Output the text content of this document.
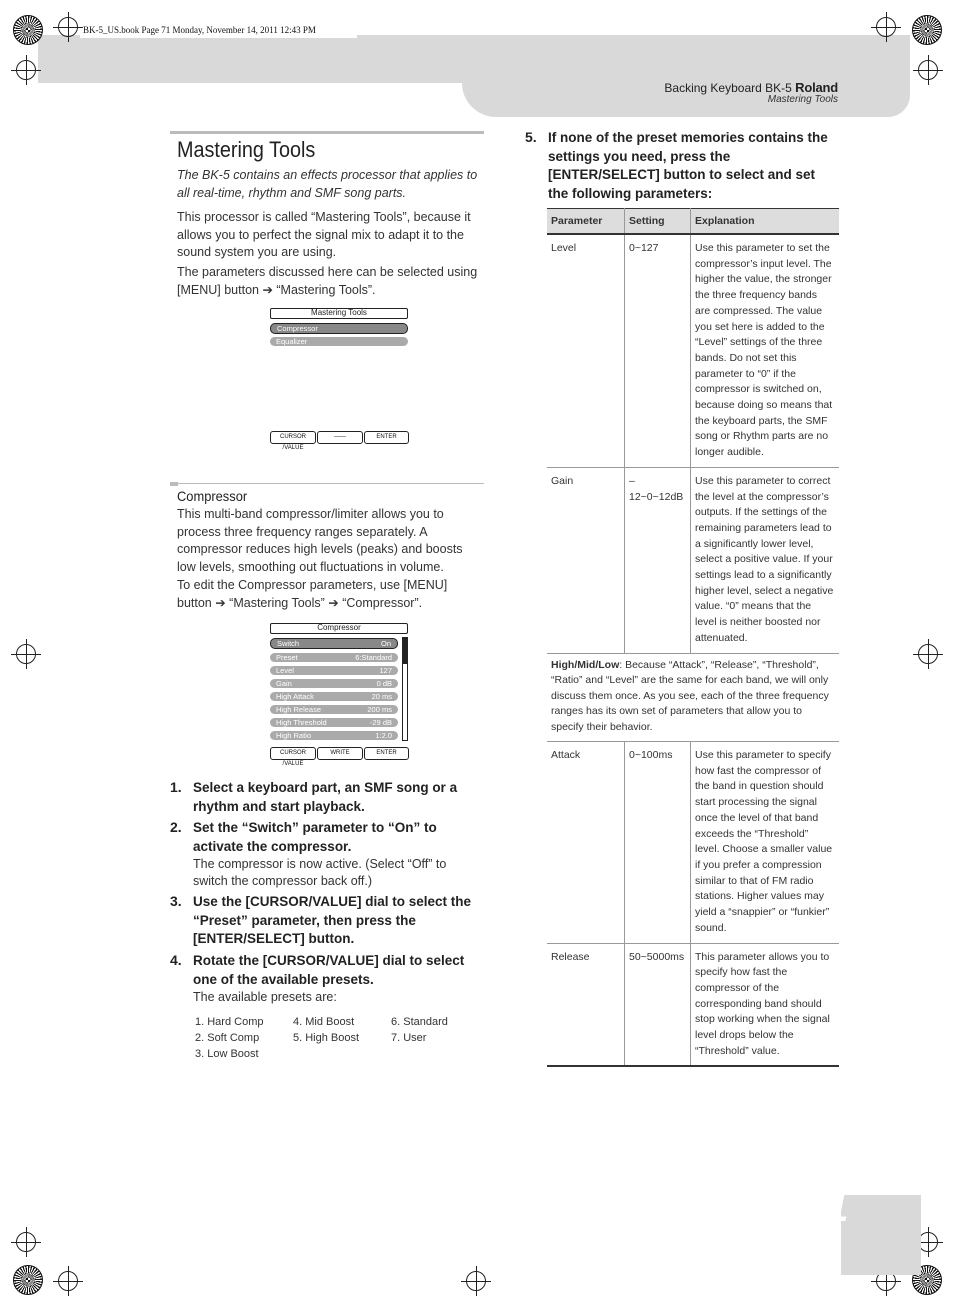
BK-5_US.book Page 71 Monday, November 14, 2011 12:43 PM
Backing Keyboard BK-5 Roland
Mastering Tools
71
Mastering Tools
The BK-5 contains an effects processor that applies to all real-time, rhythm and SMF song parts.
This processor is called “Mastering Tools”, because it allows you to perfect the signal mix to adapt it to the sound system you are using.
The parameters discussed here can be selected using [MENU] button ➔ “Mastering Tools”.
Mastering Tools
Compressor
Equalizer
CURSOR /VALUE
——	ENTER
Compressor
This multi-band compressor/limiter allows you to process three frequency ranges separately. A compressor reduces high levels (peaks) and boosts low levels, smoothing out fluctuations in volume.
To edit the Compressor parameters, use [MENU] button ➔ “Mastering Tools” ➔ “Compressor”.
Compressor
Switch	On
Preset	6:Standard
Level	127
Gain	0 dB
High Attack	20 ms
High Release	200 ms
High Threshold	-29 dB
High Ratio	1:2.0
CURSOR /VALUE
WRITE	ENTER
1. Select a keyboard part, an SMF song or a rhythm and start playback.
2. Set the “Switch” parameter to “On” to activate the compressor.
The compressor is now active. (Select “Off” to switch the compressor back off.)
3. Use the [CURSOR/VALUE] dial to select the “Preset” parameter, then press the [ENTER/SELECT] button.
4. Rotate the [CURSOR/VALUE] dial to select one of the available presets.
The available presets are:
1. Hard Comp
2. Soft Comp
3. Low Boost
4. Mid Boost
5. High Boost
6. Standard
7. User
5. If none of the preset memories contains the settings you need, press the [ENTER/SELECT] button to select and set the following parameters:
Parameter	Setting	Explanation
Level	0~127	Use this parameter to set the compressor’s input level. The higher the value, the stronger the three frequency bands are compressed. The value you set here is added to the “Level” settings of the three bands. Do not set this parameter to “0” if the compressor is switched on, because doing so means that the keyboard parts, the SMF song or Rhythm parts are no longer audible.
Gain	–12~0~12dB	Use this parameter to correct the level at the compressor’s outputs. If the settings of the remaining parameters lead to a significantly lower level, select a positive value. If your settings lead to a significantly higher level, select a negative value. “0” means that the level is neither boosted nor attenuated.
High/Mid/Low: Because “Attack”, “Release”, “Threshold”, “Ratio” and “Level” are the same for each band, we will only discuss them once. As you see, each of the three frequency ranges has its own set of parameters that allow you to specify their behavior.		
Attack	0~100ms	Use this parameter to specify how fast the compressor of the band in question should start processing the signal once the level of that band exceeds the “Threshold” level. Choose a smaller value if you prefer a compression similar to that of FM radio stations. Higher values may yield a “snappier” or “funkier” sound.
Release	50~5000ms	This parameter allows you to specify how fast the compressor of the corresponding band should stop working when the signal level drops below the “Threshold” value.
